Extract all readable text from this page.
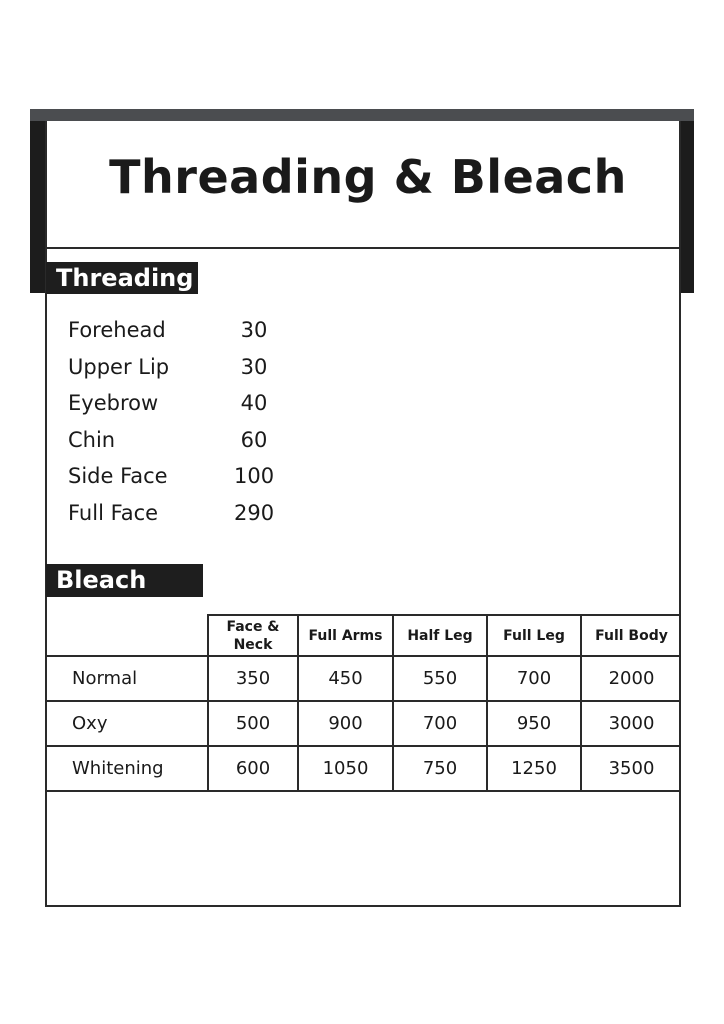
Threading & Bleach
Threading
Forehead	30
Upper Lip	30
Eyebrow	40
Chin	60
Side Face	100
Full Face	290
Bleach
	Face & Neck	Full Arms	Half Leg	Full Leg	Full Body
Normal	350	450	550	700	2000
Oxy	500	900	700	950	3000
Whitening	600	1050	750	1250	3500
